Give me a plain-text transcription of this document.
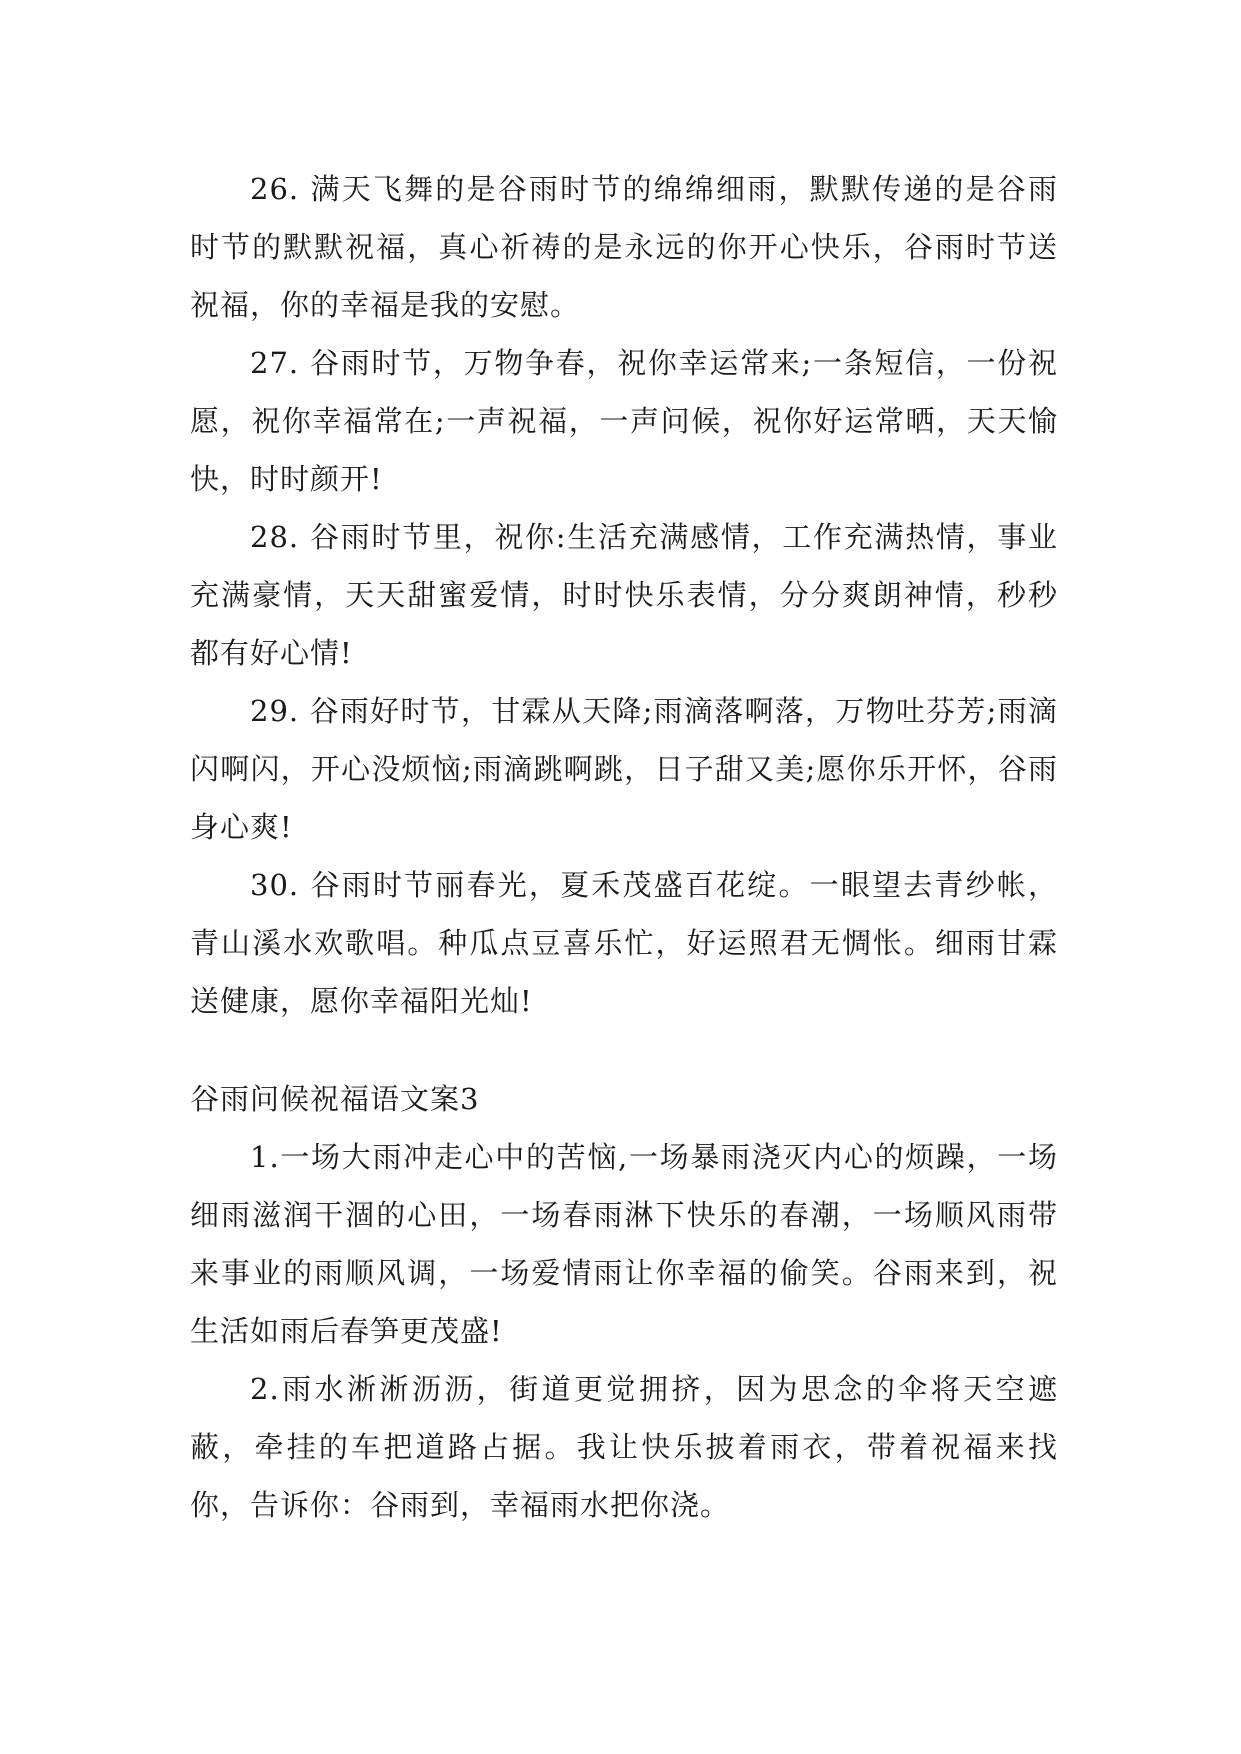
26. 满天飞舞的是谷雨时节的绵绵细雨，默默传递的是谷雨时节的默默祝福，真心祈祷的是永远的你开心快乐，谷雨时节送祝福，你的幸福是我的安慰。

27. 谷雨时节，万物争春，祝你幸运常来;一条短信，一份祝愿，祝你幸福常在;一声祝福，一声问候，祝你好运常晒，天天愉快，时时颜开!

28. 谷雨时节里，祝你:生活充满感情，工作充满热情，事业充满豪情，天天甜蜜爱情，时时快乐表情，分分爽朗神情，秒秒都有好心情!

29. 谷雨好时节，甘霖从天降;雨滴落啊落，万物吐芬芳;雨滴闪啊闪，开心没烦恼;雨滴跳啊跳，日子甜又美;愿你乐开怀，谷雨身心爽!

30. 谷雨时节丽春光，夏禾茂盛百花绽。一眼望去青纱帐，青山溪水欢歌唱。种瓜点豆喜乐忙，好运照君无惆怅。细雨甘霖送健康，愿你幸福阳光灿!

谷雨问候祝福语文案3

1.一场大雨冲走心中的苦恼,一场暴雨浇灭内心的烦躁，一场细雨滋润干涸的心田，一场春雨淋下快乐的春潮，一场顺风雨带来事业的雨顺风调，一场爱情雨让你幸福的偷笑。谷雨来到，祝生活如雨后春笋更茂盛!

2.雨水淅淅沥沥，街道更觉拥挤，因为思念的伞将天空遮蔽，牵挂的车把道路占据。我让快乐披着雨衣，带着祝福来找你，告诉你：谷雨到，幸福雨水把你浇。
